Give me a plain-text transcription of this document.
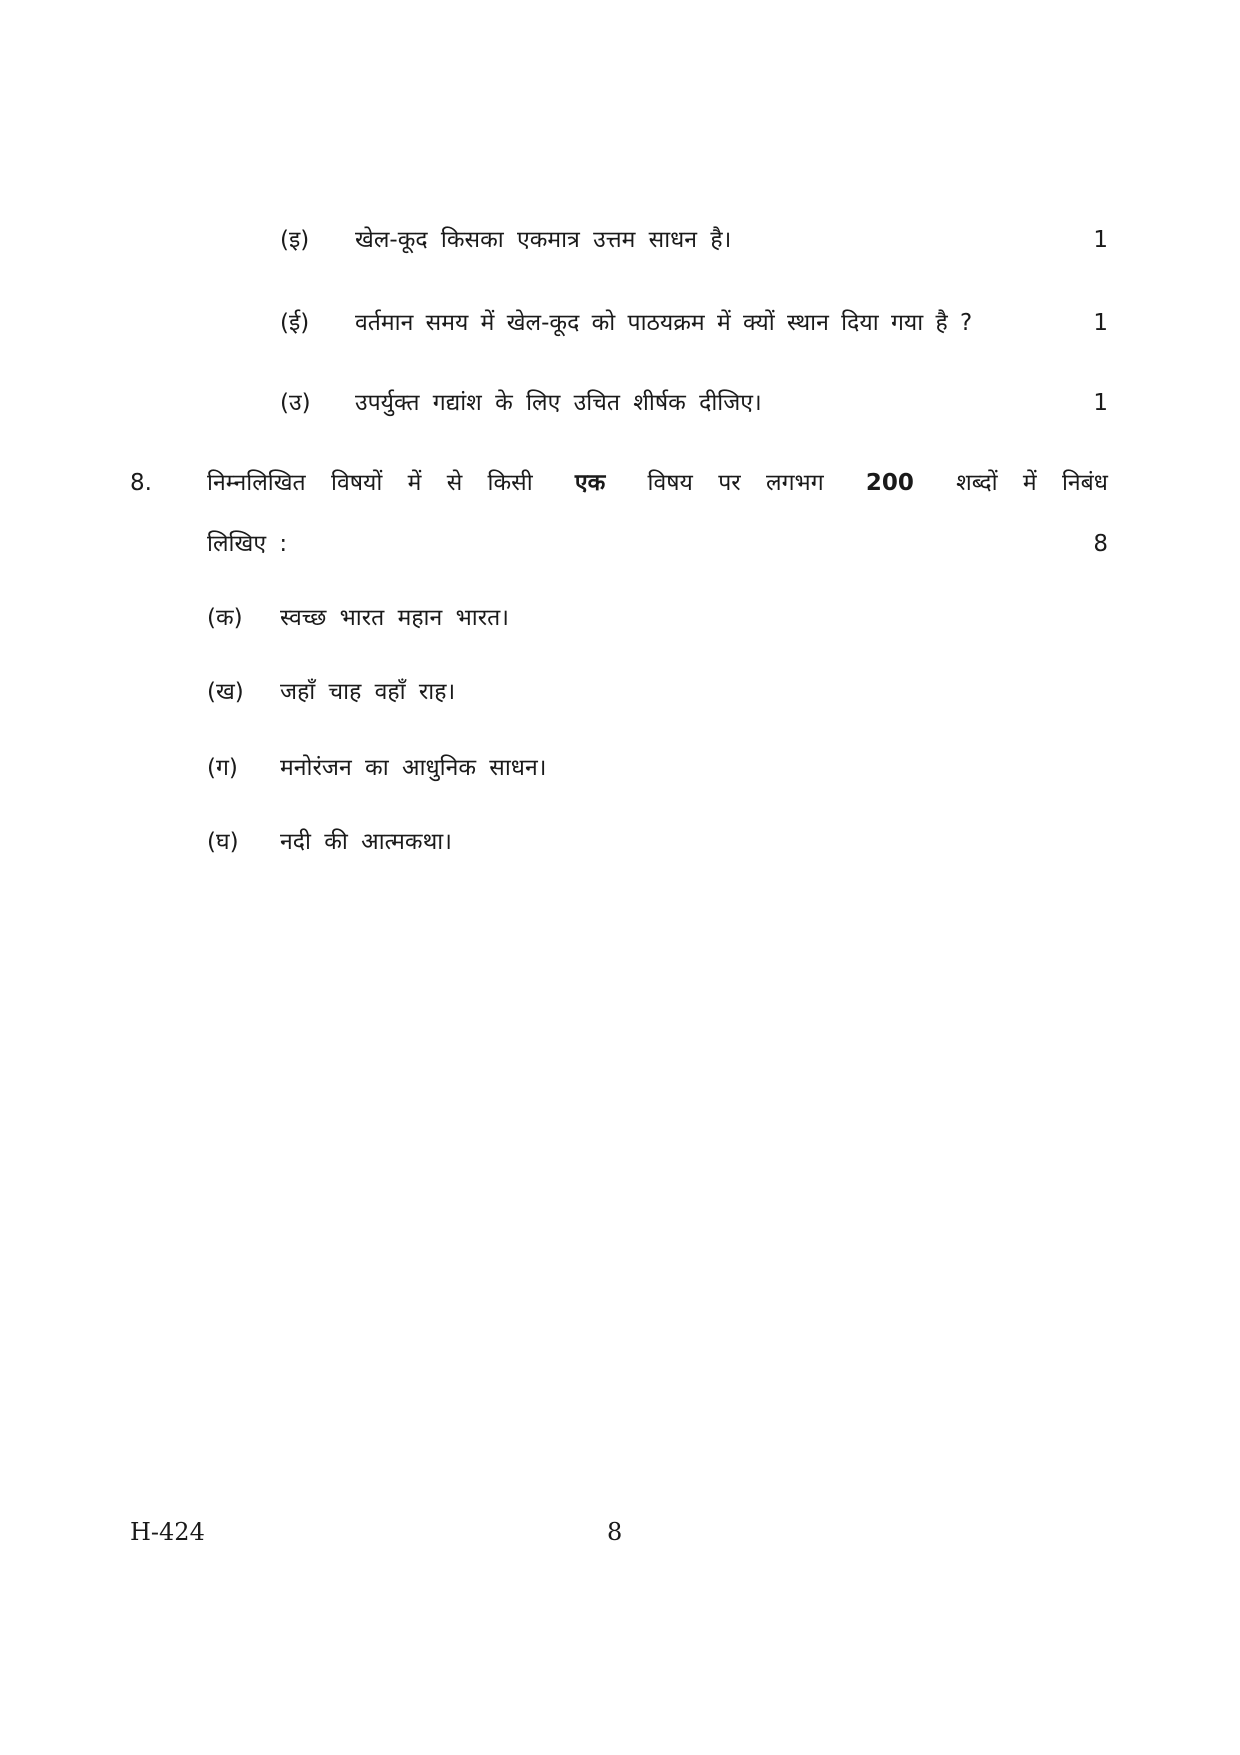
(इ) खेल-कूद किसका एकमात्र उत्तम साधन है।	1
(ई) वर्तमान समय में खेल-कूद को पाठयक्रम में क्यों स्थान दिया गया है ?	1
(उ) उपर्युक्त गद्यांश के लिए उचित शीर्षक दीजिए।	1
8. निम्नलिखित विषयों में से किसी एक विषय पर लगभग 200 शब्दों में निबंध
लिखिए :	8
(क) स्वच्छ भारत महान भारत।
(ख) जहाँ चाह वहाँ राह।
(ग) मनोरंजन का आधुनिक साधन।
(घ) नदी की आत्मकथा।
H-424	8
